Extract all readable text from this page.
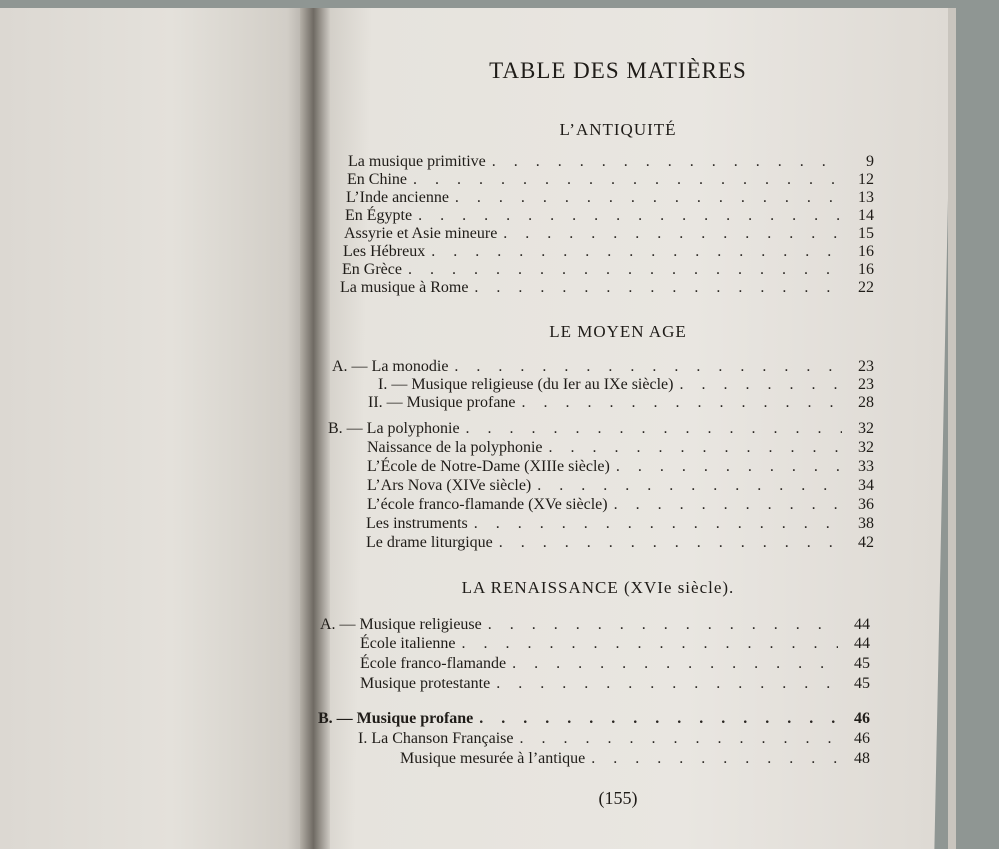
TABLE DES MATIÈRES
L’ANTIQUITÉ
La musique primitive . . .	9
En Chine . . .	12
L’Inde ancienne . . .	13
En Égypte . . .	14
Assyrie et Asie mineure . . .	15
Les Hébreux . . .	16
En Grèce . . .	16
La musique à Rome . . .	22
LE MOYEN AGE
A. — La monodie . . .	23
I. — Musique religieuse (du Ier au IXe siècle) . . .	23
II. — Musique profane . . .	28
B. — La polyphonie . . .	32
Naissance de la polyphonie . . .	32
L’École de Notre-Dame (XIIIe siècle) . . .	33
L’Ars Nova (XIVe siècle) . . .	34
L’école franco-flamande (XVe siècle) . . .	36
Les instruments . . .	38
Le drame liturgique . . .	42
LA RENAISSANCE (XVIe siècle).
A. — Musique religieuse . . .	44
École italienne . . .	44
École franco-flamande . . .	45
Musique protestante . . .	45
B. — Musique profane . . .	46
I. La Chanson Française . . .	46
Musique mesurée à l’antique . . .	48
(155)
